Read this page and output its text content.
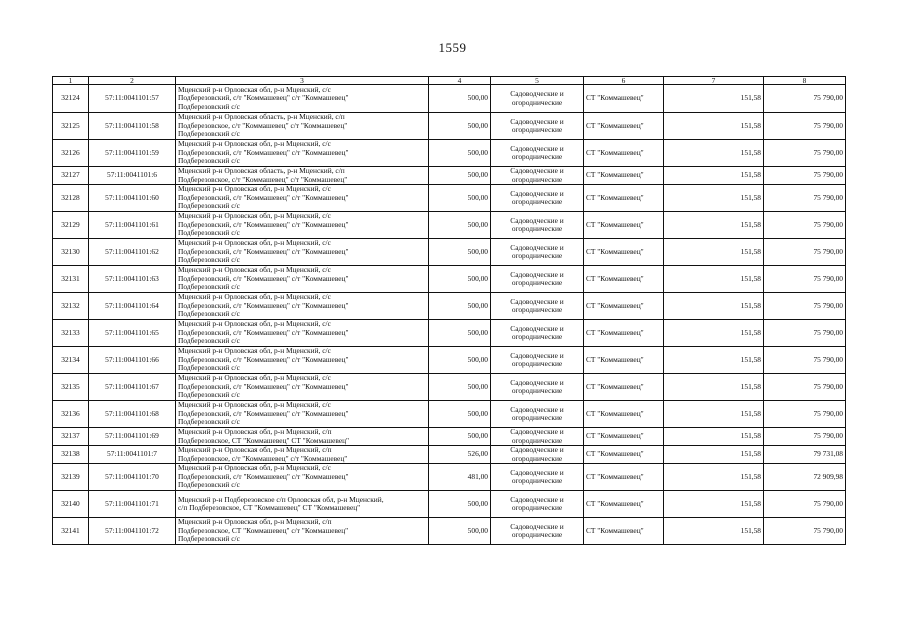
1559
1	2	3	4	5	6	7	8
32124	57:11:0041101:57	Мценский р-н Орловская обл, р-н Мценский, с/с
Подберезовский, с/т "Коммашевец" с/т "Коммашевец"
Подберезовский с/с	500,00	Садоводческие и
огороднические	СТ "Коммашевец"	151,58	75 790,00
32125	57:11:0041101:58	Мценский р-н Орловская область, р-н Мценский, с/п
Подберезовское, с/т "Коммашевец" с/т "Коммашевец"
Подберезовский с/с	500,00	Садоводческие и
огороднические	СТ "Коммашевец"	151,58	75 790,00
32126	57:11:0041101:59	Мценский р-н Орловская обл, р-н Мценский, с/с
Подберезовский, с/т "Коммашевец" с/т "Коммашевец"
Подберезовский с/с	500,00	Садоводческие и
огороднические	СТ "Коммашевец"	151,58	75 790,00
32127	57:11:0041101:6	Мценский р-н Орловская область, р-н Мценский, с/п
Подберезовское, с/т "Коммашевец" с/т "Коммашевец"	500,00	Садоводческие и
огороднические	СТ "Коммашевец"	151,58	75 790,00
32128	57:11:0041101:60	Мценский р-н Орловская обл, р-н Мценский, с/с
Подберезовский, с/т "Коммашевец" с/т "Коммашевец"
Подберезовский с/с	500,00	Садоводческие и
огороднические	СТ "Коммашевец"	151,58	75 790,00
32129	57:11:0041101:61	Мценский р-н Орловская обл, р-н Мценский, с/с
Подберезовский, с/т "Коммашевец" с/т "Коммашевец"
Подберезовский с/с	500,00	Садоводческие и
огороднические	СТ "Коммашевец"	151,58	75 790,00
32130	57:11:0041101:62	Мценский р-н Орловская обл, р-н Мценский, с/с
Подберезовский, с/т "Коммашевец" с/т "Коммашевец"
Подберезовский с/с	500,00	Садоводческие и
огороднические	СТ "Коммашевец"	151,58	75 790,00
32131	57:11:0041101:63	Мценский р-н Орловская обл, р-н Мценский, с/с
Подберезовский, с/т "Коммашевец" с/т "Коммашевец"
Подберезовский с/с	500,00	Садоводческие и
огороднические	СТ "Коммашевец"	151,58	75 790,00
32132	57:11:0041101:64	Мценский р-н Орловская обл, р-н Мценский, с/с
Подберезовский, с/т "Коммашевец" с/т "Коммашевец"
Подберезовский с/с	500,00	Садоводческие и
огороднические	СТ "Коммашевец"	151,58	75 790,00
32133	57:11:0041101:65	Мценский р-н Орловская обл, р-н Мценский, с/с
Подберезовский, с/т "Коммашевец" с/т "Коммашевец"
Подберезовский с/с	500,00	Садоводческие и
огороднические	СТ "Коммашевец"	151,58	75 790,00
32134	57:11:0041101:66	Мценский р-н Орловская обл, р-н Мценский, с/с
Подберезовский, с/т "Коммашевец" с/т "Коммашевец"
Подберезовский с/с	500,00	Садоводческие и
огороднические	СТ "Коммашевец"	151,58	75 790,00
32135	57:11:0041101:67	Мценский р-н Орловская обл, р-н Мценский, с/с
Подберезовский, с/т "Коммашевец" с/т "Коммашевец"
Подберезовский с/с	500,00	Садоводческие и
огороднические	СТ "Коммашевец"	151,58	75 790,00
32136	57:11:0041101:68	Мценский р-н Орловская обл, р-н Мценский, с/с
Подберезовский, с/т "Коммашевец" с/т "Коммашевец"
Подберезовский с/с	500,00	Садоводческие и
огороднические	СТ "Коммашевец"	151,58	75 790,00
32137	57:11:0041101:69	Мценский р-н Орловская обл, р-н Мценский, с/п
Подберезовское, СТ "Коммашевец" СТ "Коммашевец"	500,00	Садоводческие и
огороднические	СТ "Коммашевец"	151,58	75 790,00
32138	57:11:0041101:7	Мценский р-н Орловская обл, р-н Мценский, с/п
Подберезовское, с/т "Коммашевец" с/т "Коммашевец"	526,00	Садоводческие и
огороднические	СТ "Коммашевец"	151,58	79 731,08
32139	57:11:0041101:70	Мценский р-н Орловская обл, р-н Мценский, с/с
Подберезовский, с/т "Коммашевец" с/т "Коммашевец"
Подберезовский с/с	481,00	Садоводческие и
огороднические	СТ "Коммашевец"	151,58	72 909,98
32140	57:11:0041101:71	Мценский р-н Подберезовское с/п Орловская обл, р-н Мценский,
с/п Подберезовское, СТ "Коммашевец" СТ "Коммашевец"	500,00	Садоводческие и
огороднические	СТ "Коммашевец"	151,58	75 790,00
32141	57:11:0041101:72	Мценский р-н Орловская обл, р-н Мценский, с/п
Подберезовское, СТ "Коммашевец" с/т "Коммашевец"
Подберезовский с/с	500,00	Садоводческие и
огороднические	СТ "Коммашевец"	151,58	75 790,00
